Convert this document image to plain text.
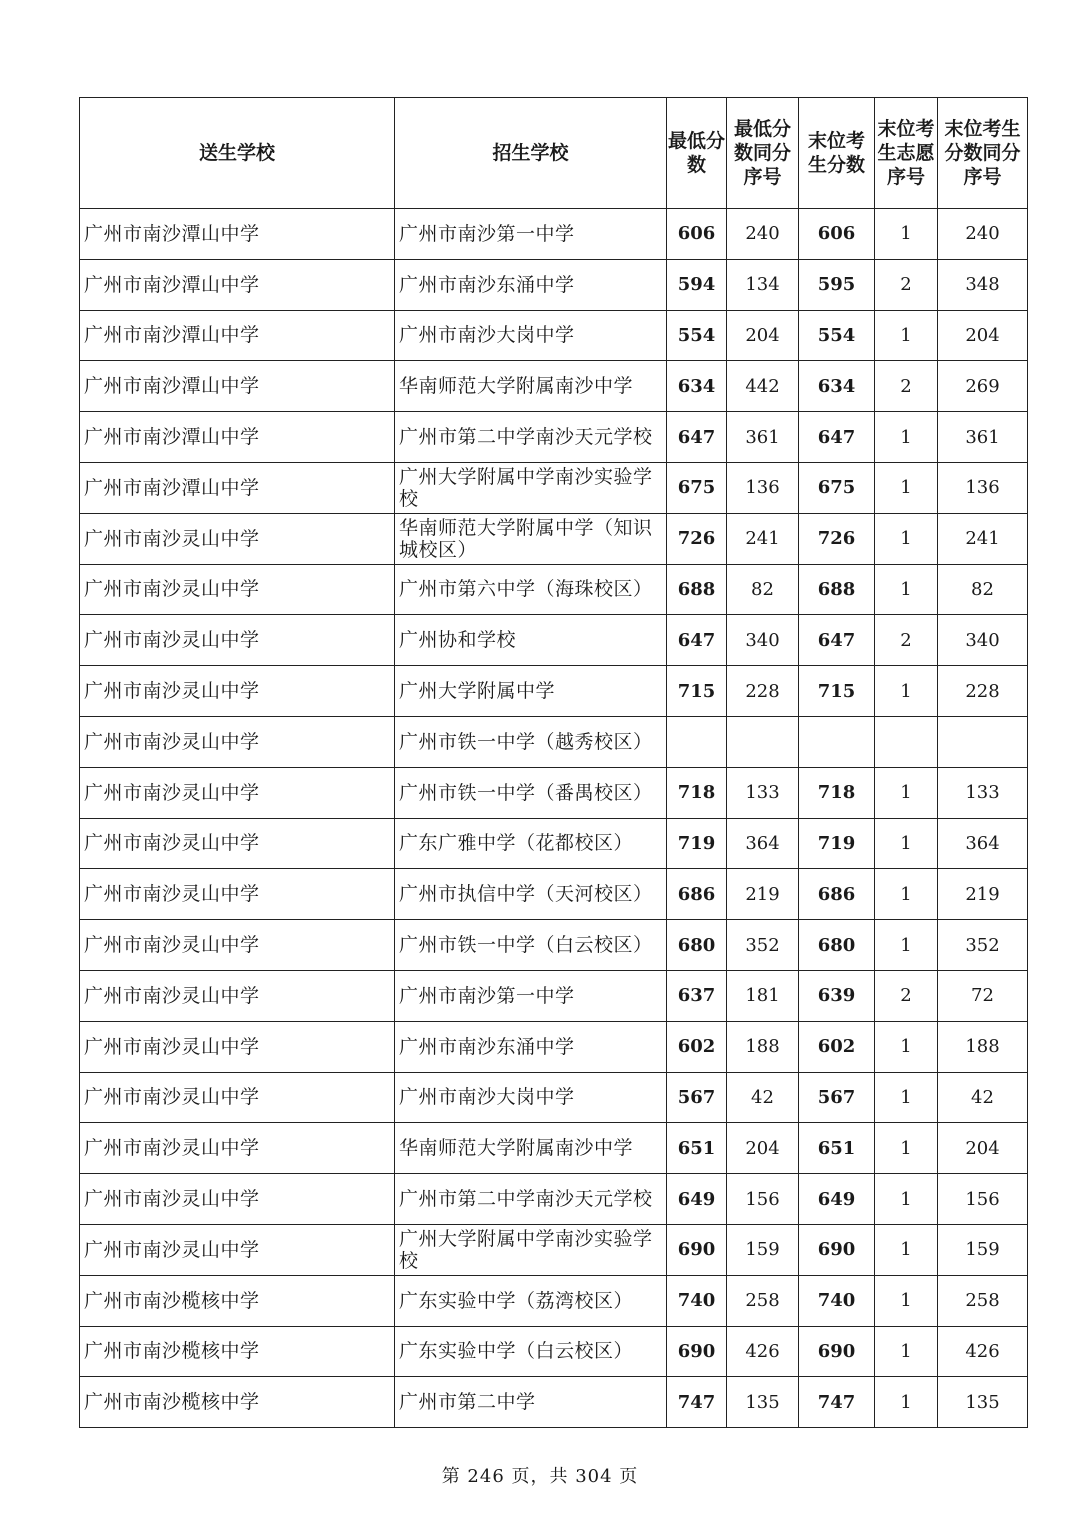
送生学校	招生学校	最低分数	最低分数同分序号	末位考生分数	末位考生志愿序号	末位考生分数同分序号
广州市南沙潭山中学	广州市南沙第一中学	606	240	606	1	240
广州市南沙潭山中学	广州市南沙东涌中学	594	134	595	2	348
广州市南沙潭山中学	广州市南沙大岗中学	554	204	554	1	204
广州市南沙潭山中学	华南师范大学附属南沙中学	634	442	634	2	269
广州市南沙潭山中学	广州市第二中学南沙天元学校	647	361	647	1	361
广州市南沙潭山中学	广州大学附属中学南沙实验学校	675	136	675	1	136
广州市南沙灵山中学	华南师范大学附属中学（知识城校区）	726	241	726	1	241
广州市南沙灵山中学	广州市第六中学（海珠校区）	688	82	688	1	82
广州市南沙灵山中学	广州协和学校	647	340	647	2	340
广州市南沙灵山中学	广州大学附属中学	715	228	715	1	228
广州市南沙灵山中学	广州市铁一中学（越秀校区）					
广州市南沙灵山中学	广州市铁一中学（番禺校区）	718	133	718	1	133
广州市南沙灵山中学	广东广雅中学（花都校区）	719	364	719	1	364
广州市南沙灵山中学	广州市执信中学（天河校区）	686	219	686	1	219
广州市南沙灵山中学	广州市铁一中学（白云校区）	680	352	680	1	352
广州市南沙灵山中学	广州市南沙第一中学	637	181	639	2	72
广州市南沙灵山中学	广州市南沙东涌中学	602	188	602	1	188
广州市南沙灵山中学	广州市南沙大岗中学	567	42	567	1	42
广州市南沙灵山中学	华南师范大学附属南沙中学	651	204	651	1	204
广州市南沙灵山中学	广州市第二中学南沙天元学校	649	156	649	1	156
广州市南沙灵山中学	广州大学附属中学南沙实验学校	690	159	690	1	159
广州市南沙榄核中学	广东实验中学（荔湾校区）	740	258	740	1	258
广州市南沙榄核中学	广东实验中学（白云校区）	690	426	690	1	426
广州市南沙榄核中学	广州市第二中学	747	135	747	1	135
第 246 页，共 304 页
